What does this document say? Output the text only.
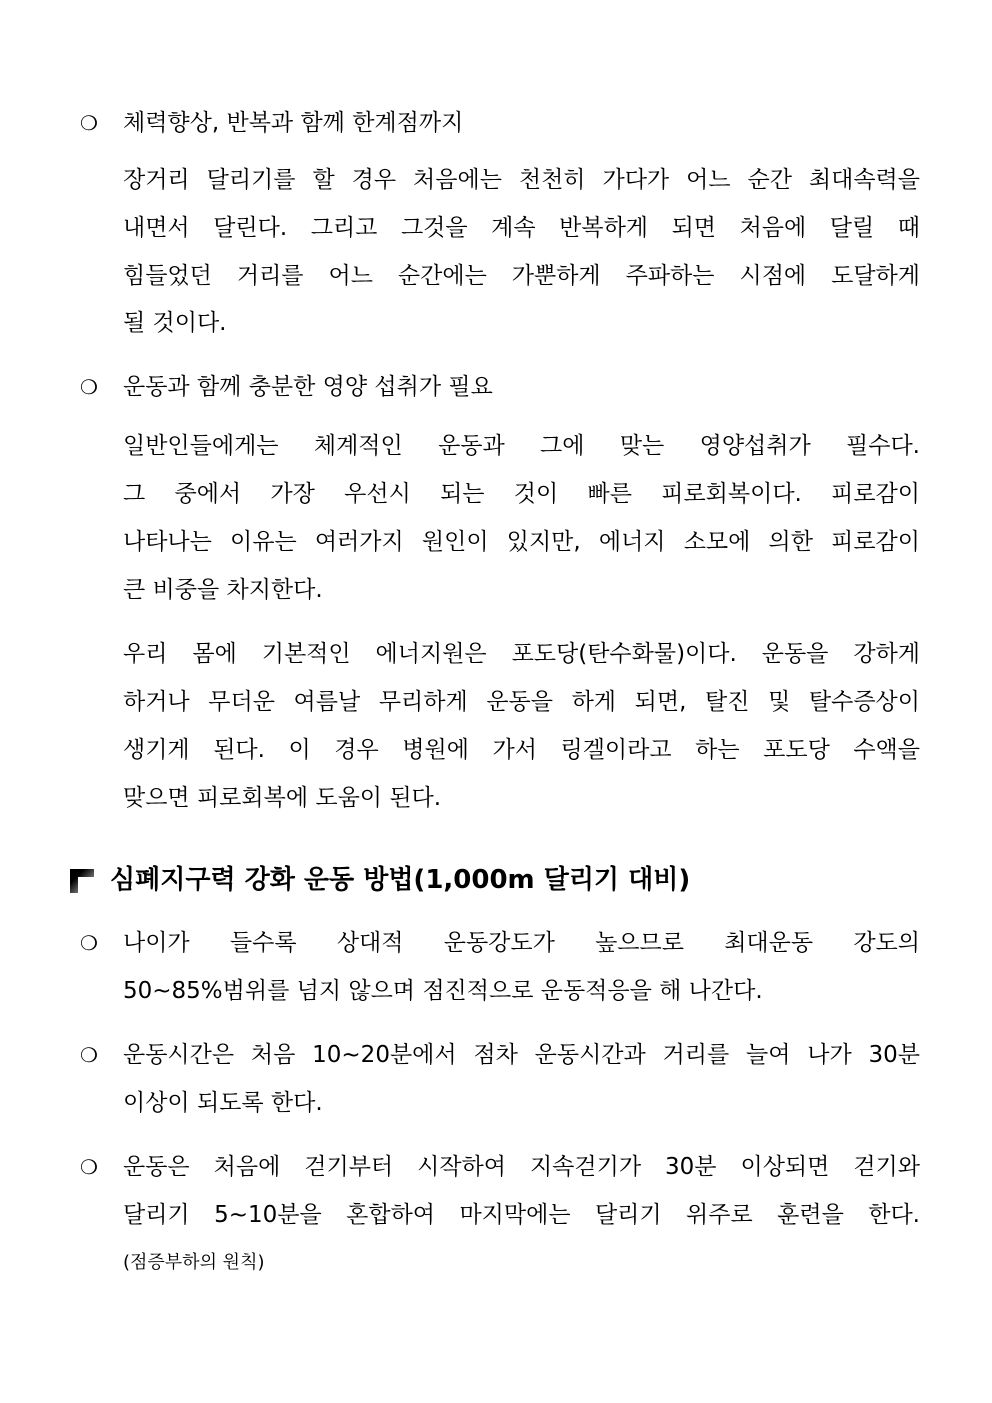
❍ 체력향상, 반복과 함께 한계점까지
장거리 달리기를 할 경우 처음에는 천천히 가다가 어느 순간 최대속력을
내면서 달린다. 그리고 그것을 계속 반복하게 되면 처음에 달릴 때
힘들었던 거리를 어느 순간에는 가뿐하게 주파하는 시점에 도달하게
될 것이다.
❍ 운동과 함께 충분한 영양 섭취가 필요
일반인들에게는 체계적인 운동과 그에 맞는 영양섭취가 필수다.
그 중에서 가장 우선시 되는 것이 빠른 피로회복이다. 피로감이
나타나는 이유는 여러가지 원인이 있지만, 에너지 소모에 의한 피로감이
큰 비중을 차지한다.
우리 몸에 기본적인 에너지원은 포도당(탄수화물)이다. 운동을 강하게
하거나 무더운 여름날 무리하게 운동을 하게 되면, 탈진 및 탈수증상이
생기게 된다. 이 경우 병원에 가서 링겔이라고 하는 포도당 수액을
맞으면 피로회복에 도움이 된다.
심폐지구력 강화 운동 방법(1,000m 달리기 대비)
❍ 나이가 들수록 상대적 운동강도가 높으므로 최대운동 강도의
50~85%범위를 넘지 않으며 점진적으로 운동적응을 해 나간다.
❍ 운동시간은 처음 10~20분에서 점차 운동시간과 거리를 늘여 나가 30분
이상이 되도록 한다.
❍ 운동은 처음에 걷기부터 시작하여 지속걷기가 30분 이상되면 걷기와
달리기 5~10분을 혼합하여 마지막에는 달리기 위주로 훈련을 한다.
(점증부하의 원칙)
